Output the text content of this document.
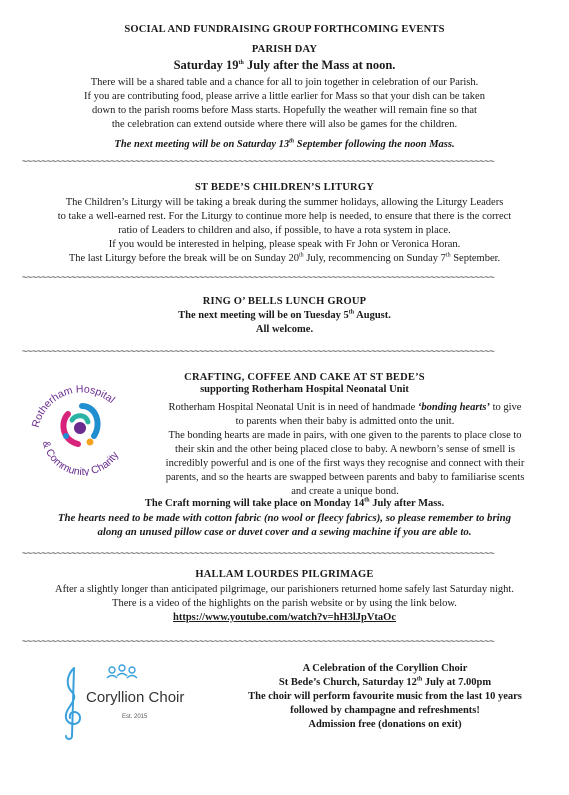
SOCIAL AND FUNDRAISING GROUP FORTHCOMING EVENTS
PARISH DAY
Saturday 19th July after the Mass at noon.
There will be a shared table and a chance for all to join together in celebration of our Parish.
If you are contributing food, please arrive a little earlier for Mass so that your dish can be taken
down to the parish rooms before Mass starts. Hopefully the weather will remain fine so that
the celebration can extend outside where there will also be games for the children.
The next meeting will be on Saturday 13th September following the noon Mass.
~~~~~~~~~~~~~~~~~~~~~~~~~~~~~~~~~~~~~~~~~~~~~~~~~~~~~~~~~~~~~~~~~~~~~~~~~~~~~~~~~~~~~~~~~~~~~~~~
ST BEDE’S CHILDREN’S LITURGY
The Children’s Liturgy will be taking a break during the summer holidays, allowing the Liturgy Leaders
to take a well-earned rest. For the Liturgy to continue more help is needed, to ensure that there is the correct
ratio of Leaders to children and also, if possible, to have a rota system in place.
If you would be interested in helping, please speak with Fr John or Veronica Horan.
The last Liturgy before the break will be on Sunday 20th July, recommencing on Sunday 7th September.
~~~~~~~~~~~~~~~~~~~~~~~~~~~~~~~~~~~~~~~~~~~~~~~~~~~~~~~~~~~~~~~~~~~~~~~~~~~~~~~~~~~~~~~~~~~~~~~~
RING O’ BELLS LUNCH GROUP
The next meeting will be on Tuesday 5th August.
All welcome.
~~~~~~~~~~~~~~~~~~~~~~~~~~~~~~~~~~~~~~~~~~~~~~~~~~~~~~~~~~~~~~~~~~~~~~~~~~~~~~~~~~~~~~~~~~~~~~~~
Rotherham Hospital
& Community Charity
CRAFTING, COFFEE AND CAKE AT ST BEDE’S
supporting Rotherham Hospital Neonatal Unit
Rotherham Hospital Neonatal Unit is in need of handmade ‘bonding hearts’ to give
to parents when their baby is admitted onto the unit.
The bonding hearts are made in pairs, with one given to the parents to place close to
their skin and the other being placed close to baby. A newborn’s sense of smell is
incredibly powerful and is one of the first ways they recognise and connect with their
parents, and so the hearts are swapped between parents and baby to familiarise scents
and create a unique bond.
The Craft morning will take place on Monday 14th July after Mass.
The hearts need to be made with cotton fabric (no wool or fleecy fabrics), so please remember to bring
along an unused pillow case or duvet cover and a sewing machine if you are able to.
~~~~~~~~~~~~~~~~~~~~~~~~~~~~~~~~~~~~~~~~~~~~~~~~~~~~~~~~~~~~~~~~~~~~~~~~~~~~~~~~~~~~~~~~~~~~~~~~
HALLAM LOURDES PILGRIMAGE
After a slightly longer than anticipated pilgrimage, our parishioners returned home safely last Saturday night.
There is a video of the highlights on the parish website or by using the link below.
https://www.youtube.com/watch?v=hH3lJpVtaOc
~~~~~~~~~~~~~~~~~~~~~~~~~~~~~~~~~~~~~~~~~~~~~~~~~~~~~~~~~~~~~~~~~~~~~~~~~~~~~~~~~~~~~~~~~~~~~~~~
Coryllion Choir
Est. 2015
A Celebration of the Coryllion Choir
St Bede’s Church, Saturday 12th July at 7.00pm
The choir will perform favourite music from the last 10 years
followed by champagne and refreshments!
Admission free (donations on exit)
